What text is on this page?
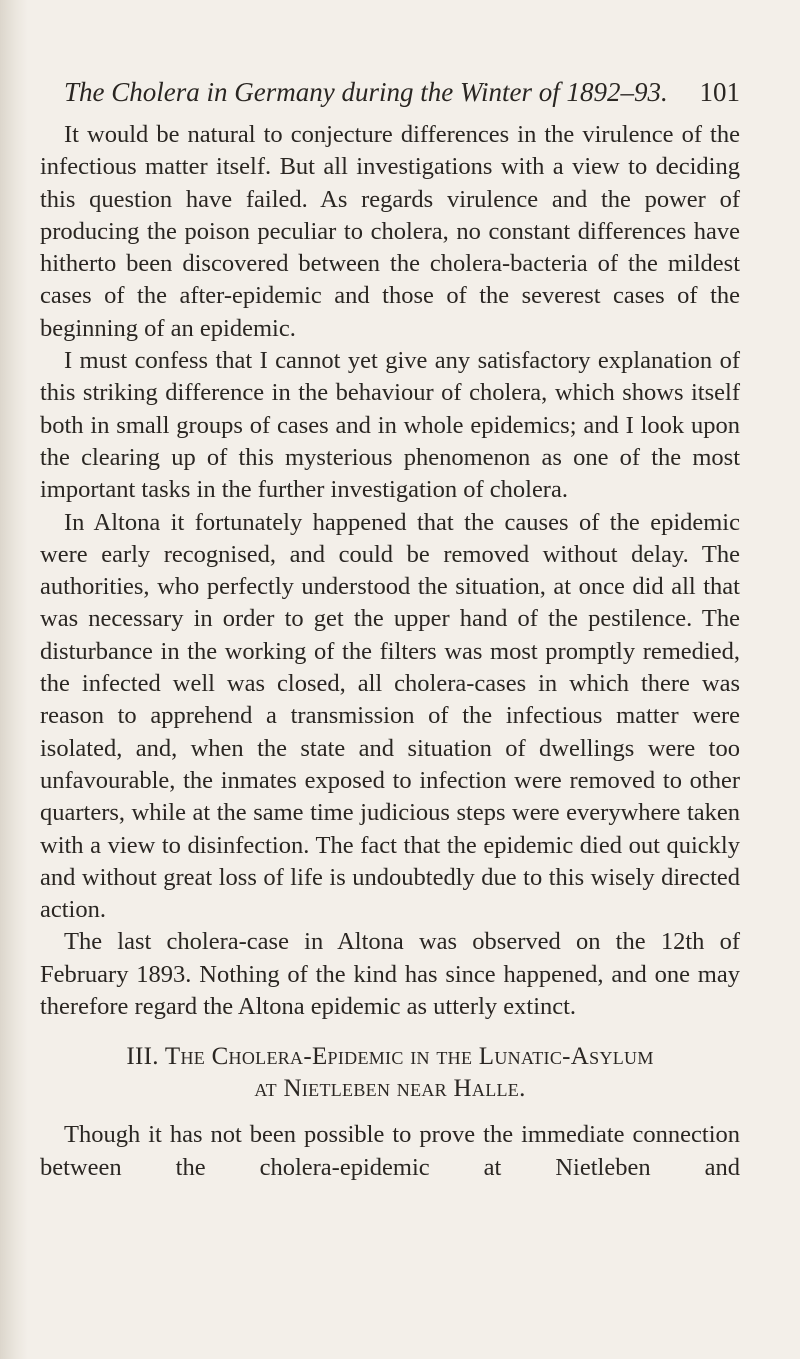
The Cholera in Germany during the Winter of 1892–93. 101

It would be natural to conjecture differences in the virulence of the infectious matter itself. But all investigations with a view to deciding this question have failed. As regards virulence and the power of producing the poison peculiar to cholera, no constant differences have hitherto been discovered between the cholera-bacteria of the mildest cases of the after-epidemic and those of the severest cases of the beginning of an epidemic.

I must confess that I cannot yet give any satisfactory explanation of this striking difference in the behaviour of cholera, which shows itself both in small groups of cases and in whole epidemics; and I look upon the clearing up of this mysterious phenomenon as one of the most important tasks in the further investigation of cholera.

In Altona it fortunately happened that the causes of the epidemic were early recognised, and could be removed without delay. The authorities, who perfectly understood the situation, at once did all that was necessary in order to get the upper hand of the pestilence. The disturbance in the working of the filters was most promptly remedied, the infected well was closed, all cholera-cases in which there was reason to apprehend a transmission of the infectious matter were isolated, and, when the state and situation of dwellings were too unfavourable, the inmates exposed to infection were removed to other quarters, while at the same time judicious steps were everywhere taken with a view to disinfection. The fact that the epidemic died out quickly and without great loss of life is undoubtedly due to this wisely directed action.

The last cholera-case in Altona was observed on the 12th of February 1893. Nothing of the kind has since happened, and one may therefore regard the Altona epidemic as utterly extinct.

III. The Cholera-Epidemic in the Lunatic-Asylum
at Nietleben near Halle.

Though it has not been possible to prove the immediate connection between the cholera-epidemic at Nietleben and
